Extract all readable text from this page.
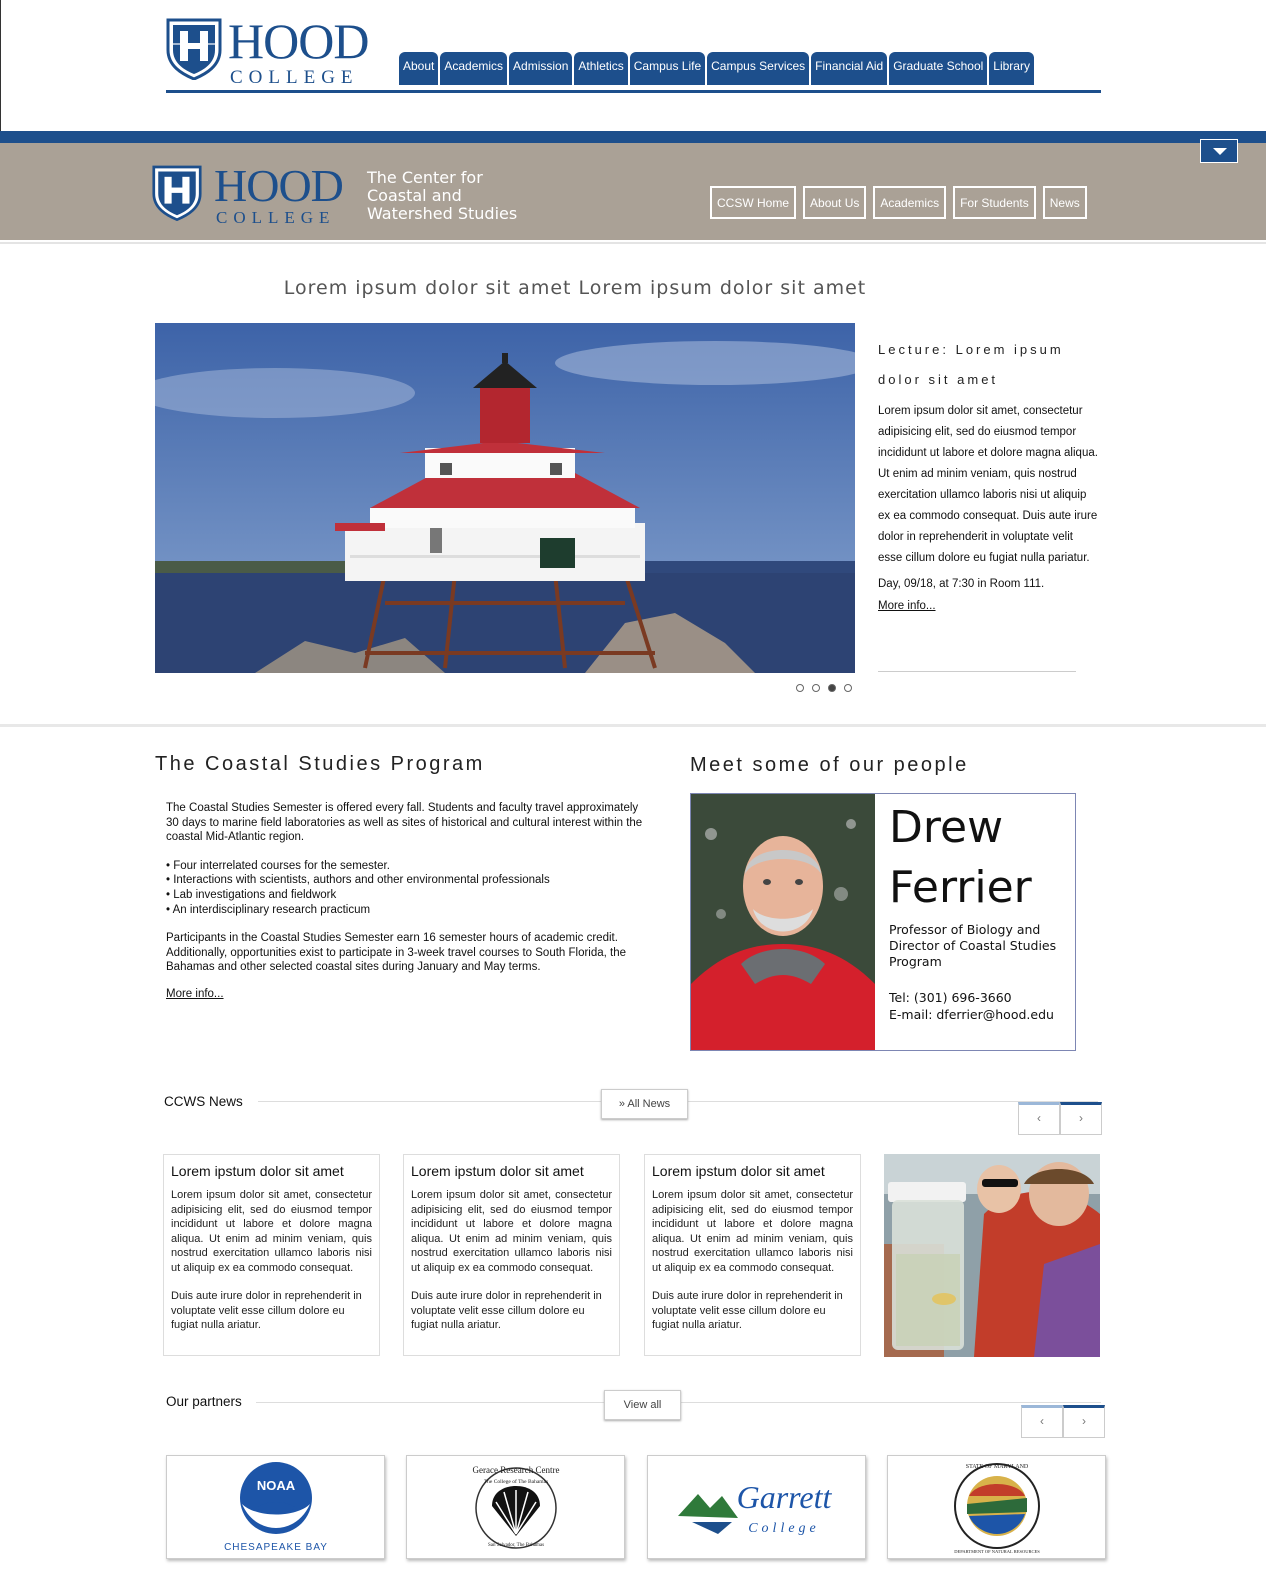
HOOD
COLLEGE
About Academics Admission Athletics Campus Life Campus Services Financial Aid Graduate School Library
HOOD
COLLEGE
The Center for
Coastal and
Watershed Studies
CCSW Home	About Us	Academics	For Students	News
Lorem ipsum dolor sit amet Lorem ipsum dolor sit amet
Lecture: Lorem ipsum dolor sit amet
Lorem ipsum dolor sit amet, consectetur adipisicing elit, sed do eiusmod tempor incididunt ut labore et dolore magna aliqua. Ut enim ad minim veniam, quis nostrud exercitation ullamco laboris nisi ut aliquip ex ea commodo consequat. Duis aute irure dolor in reprehenderit in voluptate velit esse cillum dolore eu fugiat nulla pariatur.
Day, 09/18, at 7:30 in Room 111.
More info...
The Coastal Studies Program

The Coastal Studies Semester is offered every fall. Students and faculty travel approximately 30 days to marine field laboratories as well as sites of historical and cultural interest within the coastal Mid-Atlantic region.

• Four interrelated courses for the semester.
• Interactions with scientists, authors and other environmental professionals
• Lab investigations and fieldwork
• An interdisciplinary research practicum

Participants in the Coastal Studies Semester earn 16 semester hours of academic credit. Additionally, opportunities exist to participate in 3-week travel courses to South Florida, the Bahamas and other selected coastal sites during January and May terms.

More info...
Meet some of our people
Drew
Ferrier
Professor of Biology and Director of Coastal Studies Program
Tel: (301) 696-3660
E-mail: dferrier@hood.edu
CCWS News	» All News
‹	›
Lorem ipstum dolor sit amet
Lorem ipsum dolor sit amet, consectetur adipisicing elit, sed do eiusmod tempor incididunt ut labore et dolore magna aliqua. Ut enim ad minim veniam, quis nostrud exercitation ullamco laboris nisi ut aliquip ex ea commodo consequat.
Duis aute irure dolor in reprehenderit in voluptate velit esse cillum dolore eu fugiat nulla ariatur.
Lorem ipstum dolor sit amet
Lorem ipsum dolor sit amet, consectetur adipisicing elit, sed do eiusmod tempor incididunt ut labore et dolore magna aliqua. Ut enim ad minim veniam, quis nostrud exercitation ullamco laboris nisi ut aliquip ex ea commodo consequat.
Duis aute irure dolor in reprehenderit in voluptate velit esse cillum dolore eu fugiat nulla ariatur.
Lorem ipstum dolor sit amet
Lorem ipsum dolor sit amet, consectetur adipisicing elit, sed do eiusmod tempor incididunt ut labore et dolore magna aliqua. Ut enim ad minim veniam, quis nostrud exercitation ullamco laboris nisi ut aliquip ex ea commodo consequat.
Duis aute irure dolor in reprehenderit in voluptate velit esse cillum dolore eu fugiat nulla ariatur.
Our partners	View all
‹	›
NOAA
CHESAPEAKE BAY
Gerace Research Centre
The College of The Bahamas
San Salvador, The Bahamas
Garrett
College
STATE OF MARYLAND
DEPARTMENT OF NATURAL RESOURCES
